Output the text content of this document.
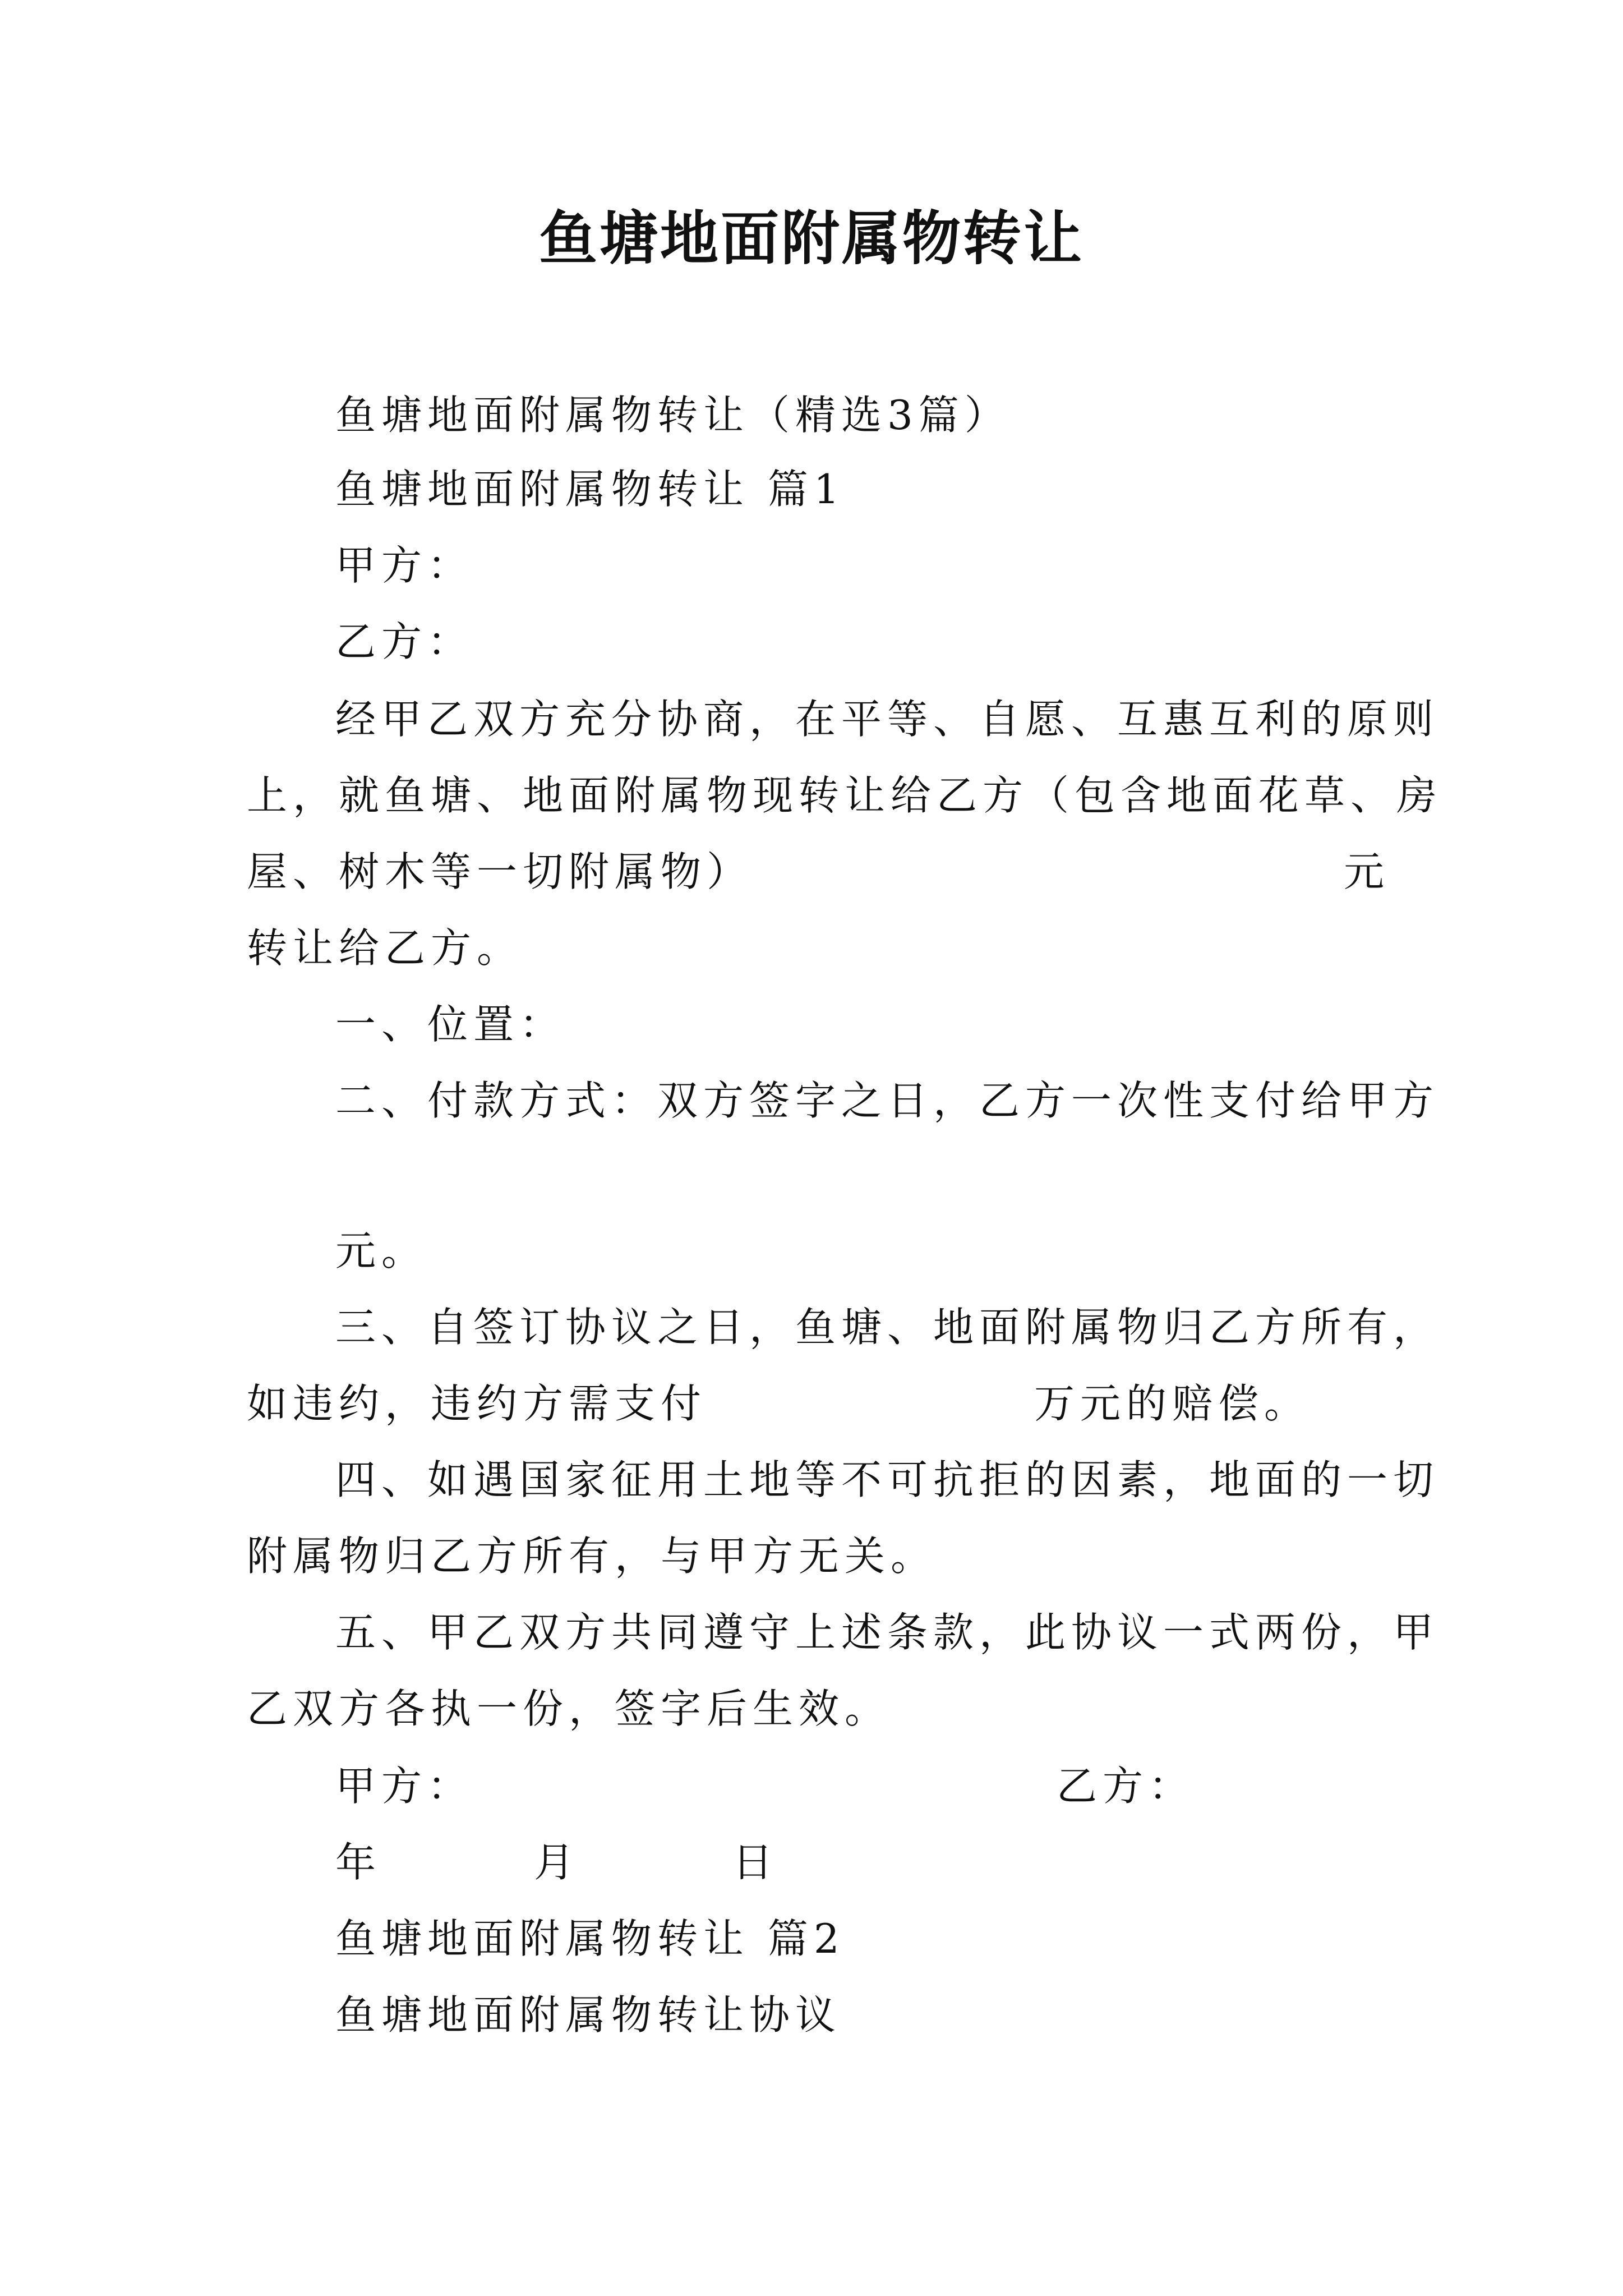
鱼塘地面附属物转让
鱼塘地面附属物转让（精选3篇）
鱼塘地面附属物转让 篇1
甲方：
乙方：
经甲乙双方充分协商，在平等、自愿、互惠互利的原则
上，就鱼塘、地面附属物现转让给乙方（包含地面花草、房
屋、树木等一切附属物）	元
转让给乙方。
一、位置：
二、付款方式：双方签字之日，乙方一次性支付给甲方
元。
三、自签订协议之日，鱼塘、地面附属物归乙方所有，
如违约，违约方需支付	万元的赔偿。
四、如遇国家征用土地等不可抗拒的因素，地面的一切
附属物归乙方所有，与甲方无关。
五、甲乙双方共同遵守上述条款，此协议一式两份，甲
乙双方各执一份，签字后生效。
甲方：	乙方：
年	月	日
鱼塘地面附属物转让 篇2
鱼塘地面附属物转让协议
